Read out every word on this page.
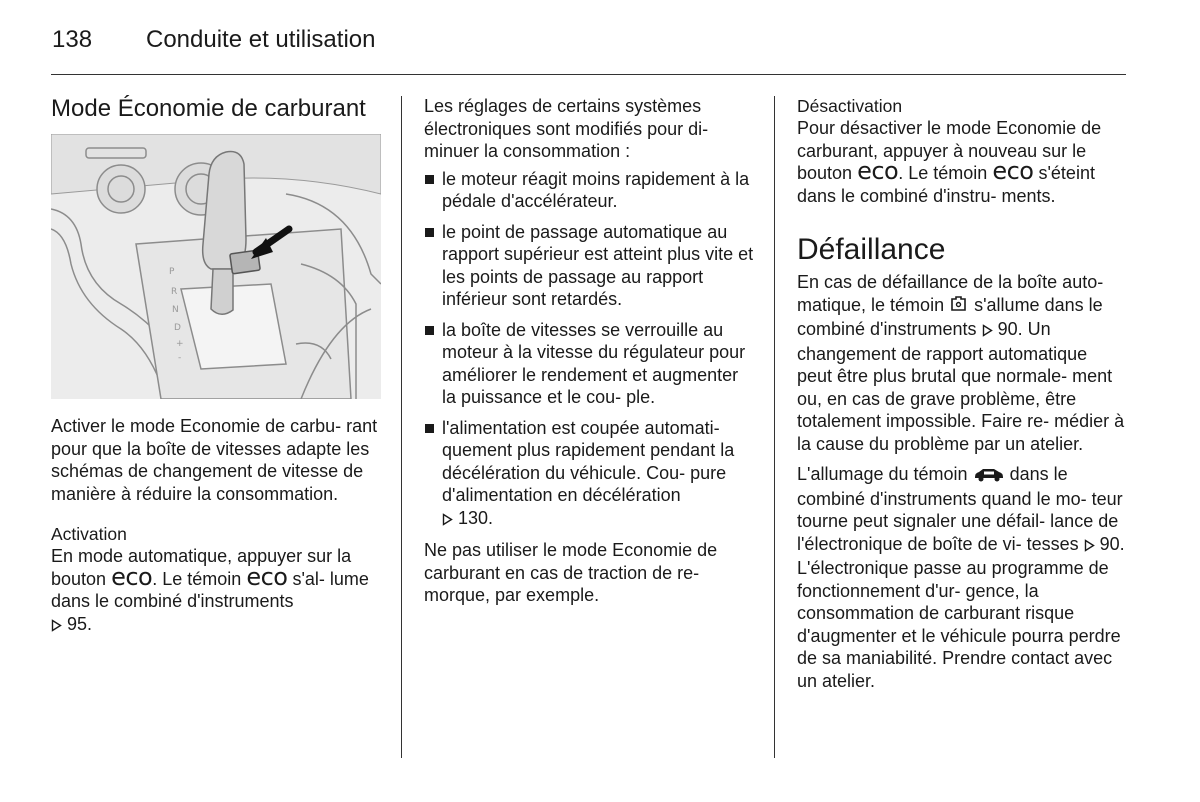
138 Conduite et utilisation
Mode Économie de carburant
P
R
N
D
+
-

Activer le mode Economie de carbu- rant pour que la boîte de vitesses adapte les schémas de changement de vitesse de manière à réduire la consommation.

Activation

En mode automatique, appuyer sur la bouton eco. Le témoin eco s'al- lume dans le combiné d'instruments
95.

Les réglages de certains systèmes électroniques sont modifiés pour di- minuer la consommation :

le moteur réagit moins rapidement à la pédale d'accélérateur.
le point de passage automatique au rapport supérieur est atteint plus vite et les points de passage au rapport inférieur sont retardés.
la boîte de vitesses se verrouille au moteur à la vitesse du régulateur pour améliorer le rendement et augmenter la puissance et le cou- ple.
l'alimentation est coupée automati- quement plus rapidement pendant la décélération du véhicule. Cou- pure d'alimentation en décélération
130.

Ne pas utiliser le mode Economie de carburant en cas de traction de re- morque, par exemple.

Désactivation

Pour désactiver le mode Economie de carburant, appuyer à nouveau sur le bouton eco. Le témoin eco s'éteint dans le combiné d'instru- ments.

Défaillance

En cas de défaillance de la boîte auto- matique, le témoin s'allume dans le combiné d'instruments 90. Un changement de rapport automatique peut être plus brutal que normale- ment ou, en cas de grave problème, être totalement impossible. Faire re- médier à la cause du problème par un atelier.

L'allumage du témoin dans le combiné d'instruments quand le mo- teur tourne peut signaler une défail- lance de l'électronique de boîte de vi- tesses 90. L'électronique passe au programme de fonctionnement d'ur- gence, la consommation de carburant risque d'augmenter et le véhicule pourra perdre de sa maniabilité. Prendre contact avec un atelier.
